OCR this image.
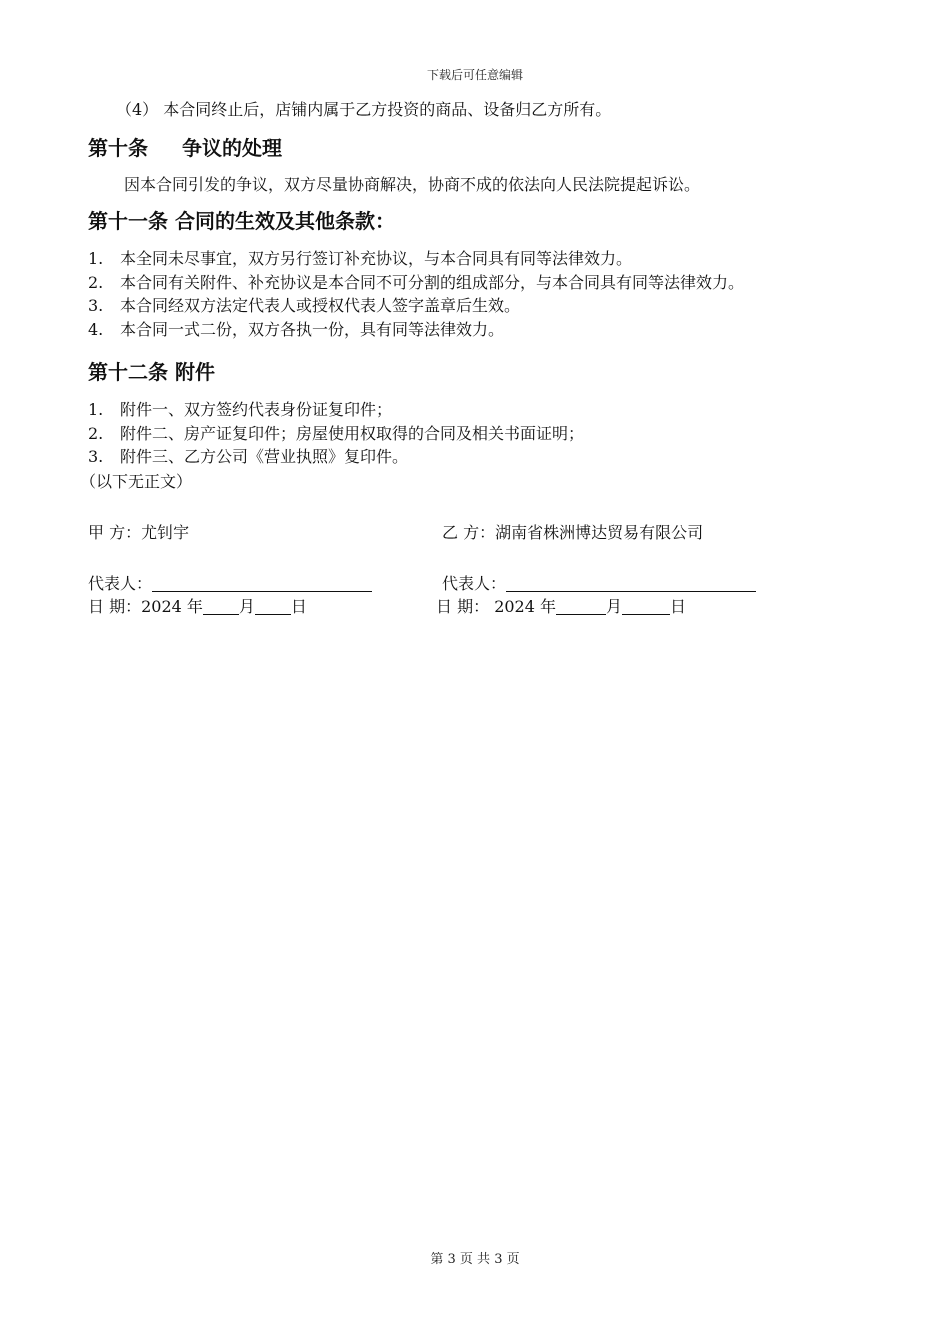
下载后可任意编辑
（4） 本合同终止后，店铺内属于乙方投资的商品、设备归乙方所有。
第十条 争议的处理
因本合同引发的争议，双方尽量协商解决，协商不成的依法向人民法院提起诉讼。
第十一条 合同的生效及其他条款：
1.	本全同未尽事宜，双方另行签订补充协议，与本合同具有同等法律效力。
2.	本合同有关附件、补充协议是本合同不可分割的组成部分，与本合同具有同等法律效力。
3.	本合同经双方法定代表人或授权代表人签字盖章后生效。
4.	本合同一式二份，双方各执一份，具有同等法律效力。
第十二条 附件
1.	附件一、双方签约代表身份证复印件；
2.	附件二、房产证复印件；房屋使用权取得的合同及相关书面证明；
3.	附件三、乙方公司《营业执照》复印件。
（以下无正文）
甲 方：尤钊宇	乙 方：湖南省株洲博达贸易有限公司
代表人：	代表人：
日 期：2024 年 月 日	日 期： 2024 年	月	日
第 3 页 共 3 页
